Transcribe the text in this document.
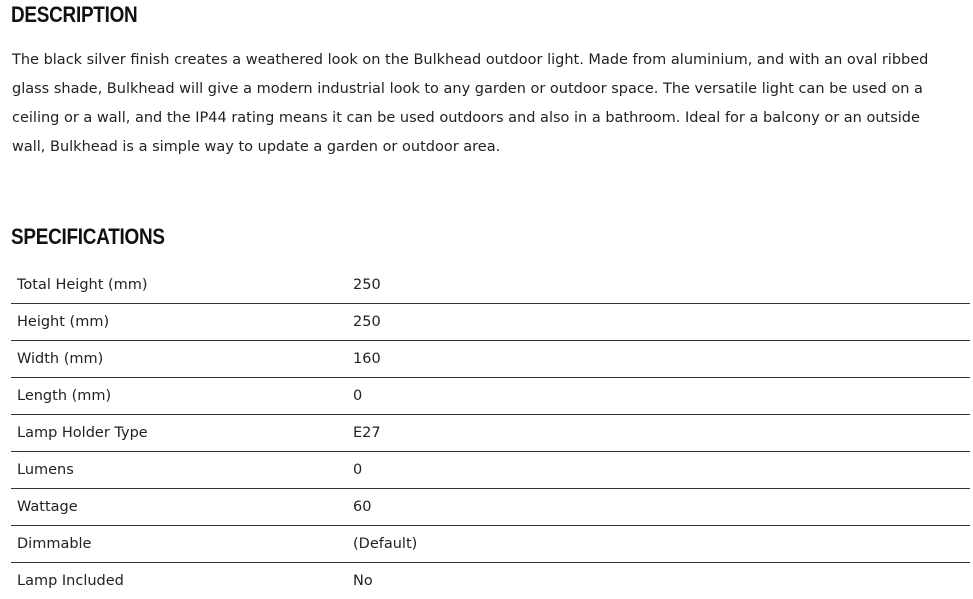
DESCRIPTION

The black silver finish creates a weathered look on the Bulkhead outdoor light. Made from aluminium, and with an oval ribbed glass shade, Bulkhead will give a modern industrial look to any garden or outdoor space. The versatile light can be used on a ceiling or a wall, and the IP44 rating means it can be used outdoors and also in a bathroom. Ideal for a balcony or an outside wall, Bulkhead is a simple way to update a garden or outdoor area.

SPECIFICATIONS
Total Height (mm)	250
Height (mm)	250
Width (mm)	160
Length (mm)	0
Lamp Holder Type	E27
Lumens	0
Wattage	60
Dimmable	(Default)
Lamp Included	No
